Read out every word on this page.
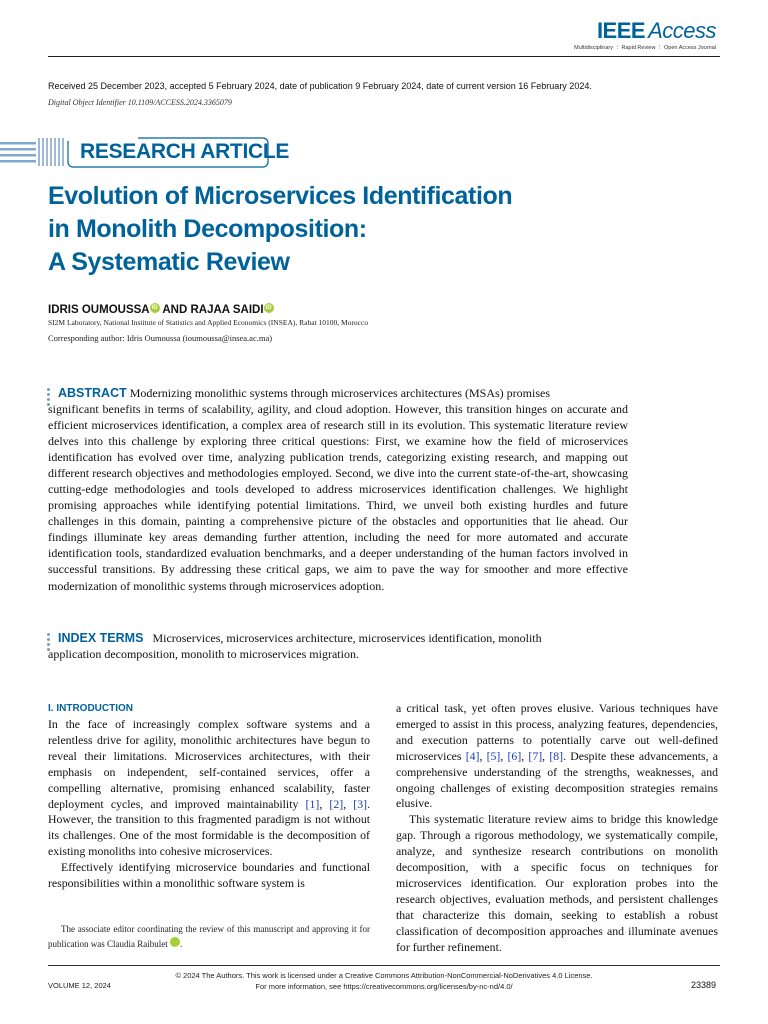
IEEE Access
Multidisciplinary ⋮ Rapid Review ⋮ Open Access Journal
Received 25 December 2023, accepted 5 February 2024, date of publication 9 February 2024, date of current version 16 February 2024.
Digital Object Identifier 10.1109/ACCESS.2024.3365079
RESEARCH ARTICLE
Evolution of Microservices Identification
in Monolith Decomposition:
A Systematic Review
IDRIS OUMOUSSA iD AND RAJAA SAIDI iD
SI2M Laboratory, National Institute of Statistics and Applied Economics (INSEA), Rabat 10100, Morocco
Corresponding author: Idris Oumoussa (ioumoussa@insea.ac.ma)
ABSTRACT Modernizing monolithic systems through microservices architectures (MSAs) promises
significant benefits in terms of scalability, agility, and cloud adoption. However, this transition hinges on accurate and efficient microservices identification, a complex area of research still in its evolution. This systematic literature review delves into this challenge by exploring three critical questions: First, we examine how the field of microservices identification has evolved over time, analyzing publication trends, categorizing existing research, and mapping out different research objectives and methodologies employed. Second, we dive into the current state-of-the-art, showcasing cutting-edge methodologies and tools developed to address microservices identification challenges. We highlight promising approaches while identifying potential limitations. Third, we unveil both existing hurdles and future challenges in this domain, painting a comprehensive picture of the obstacles and opportunities that lie ahead. Our findings illuminate key areas demanding further attention, including the need for more automated and accurate identification tools, standardized evaluation benchmarks, and a deeper understanding of the human factors involved in successful transitions. By addressing these critical gaps, we aim to pave the way for smoother and more effective modernization of monolithic systems through microservices adoption.
INDEX TERMS Microservices, microservices architecture, microservices identification, monolith
application decomposition, monolith to microservices migration.
I. INTRODUCTION

In the face of increasingly complex software systems and a relentless drive for agility, monolithic architectures have begun to reveal their limitations. Microservices architectures, with their emphasis on independent, self-contained services, offer a compelling alternative, promising enhanced scalability, faster deployment cycles, and improved maintainability [1], [2], [3]. However, the transition to this fragmented paradigm is not without its challenges. One of the most formidable is the decomposition of existing monoliths into cohesive microservices.

Effectively identifying microservice boundaries and functional responsibilities within a monolithic software system is

The associate editor coordinating the review of this manuscript and approving it for publication was Claudia Raibulet	iD.

a critical task, yet often proves elusive. Various techniques have emerged to assist in this process, analyzing features, dependencies, and execution patterns to potentially carve out well-defined microservices [4], [5], [6], [7], [8]. Despite these advancements, a comprehensive understanding of the strengths, weaknesses, and ongoing challenges of existing decomposition strategies remains elusive.

This systematic literature review aims to bridge this knowledge gap. Through a rigorous methodology, we systematically compile, analyze, and synthesize research contributions on monolith decomposition, with a specific focus on techniques for microservices identification. Our exploration probes into the research objectives, evaluation methods, and persistent challenges that characterize this domain, seeking to establish a robust classification of decomposition approaches and illuminate avenues for further refinement.

© 2024 The Authors. This work is licensed under a Creative Commons Attribution-NonCommercial-NoDerivatives 4.0 License.
For more information, see https://creativecommons.org/licenses/by-nc-nd/4.0/
VOLUME 12, 2024	23389
